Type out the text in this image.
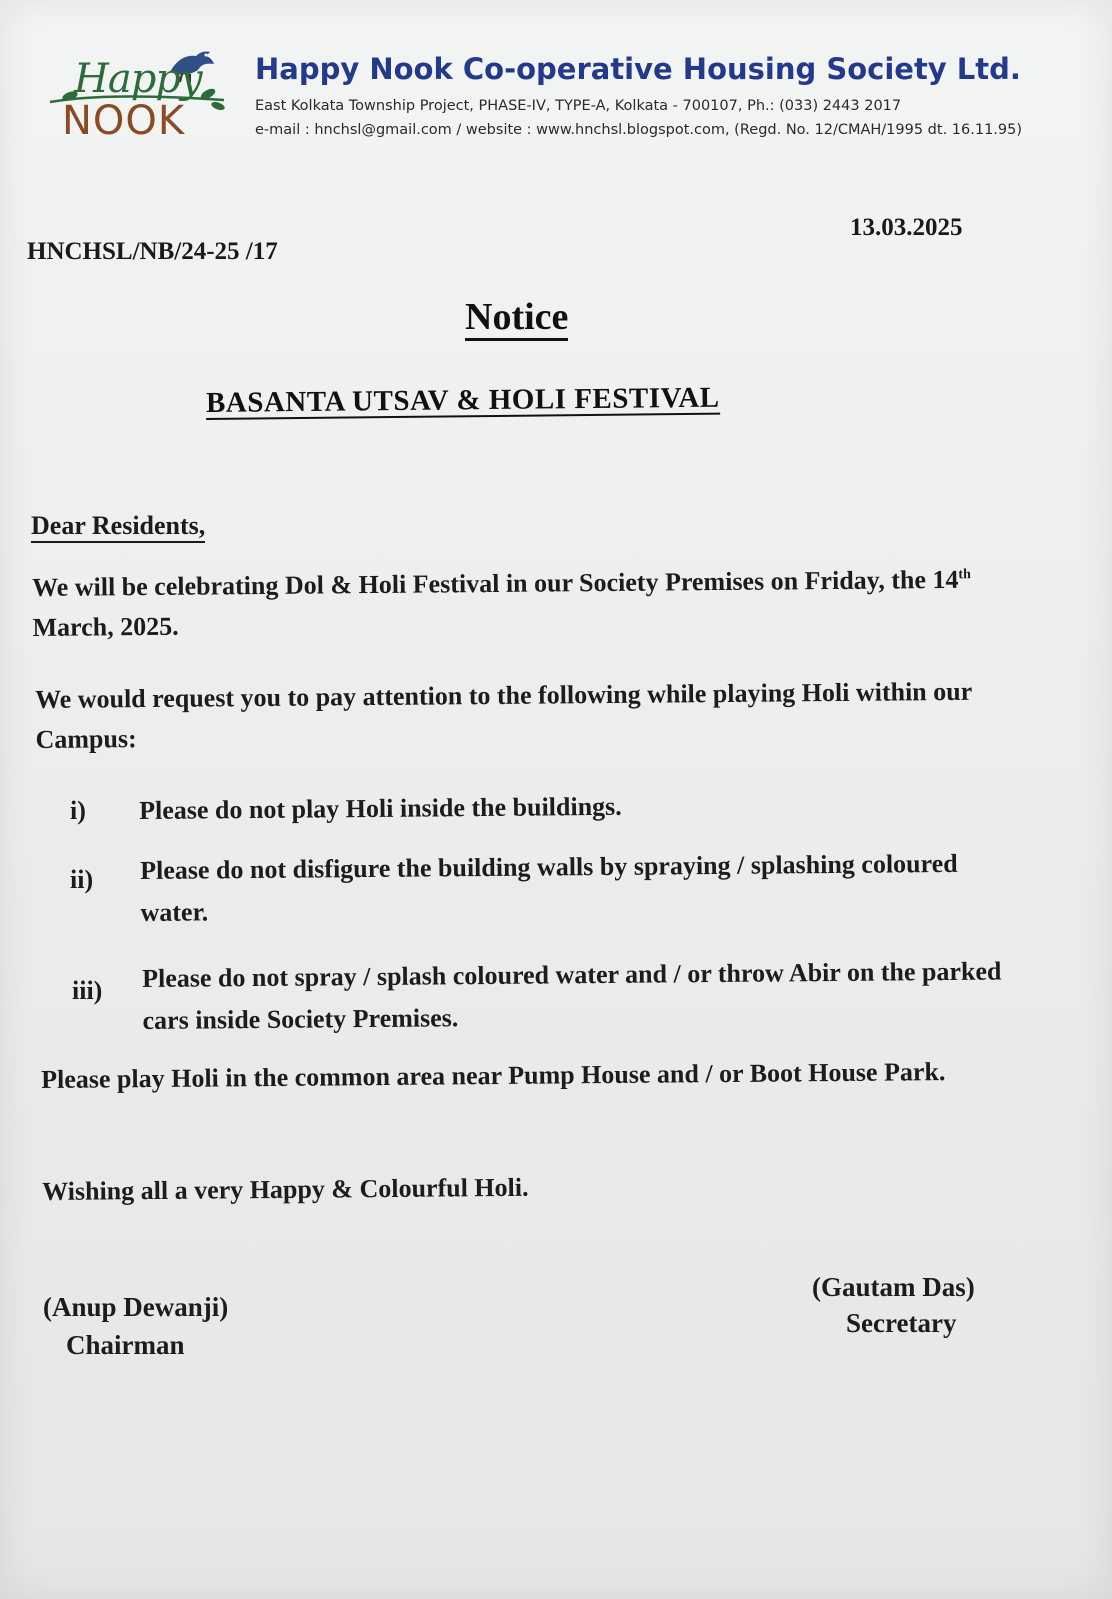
Happy
NOOK
Happy Nook Co-operative Housing Society Ltd.
East Kolkata Township Project, PHASE-IV, TYPE-A, Kolkata - 700107, Ph.: (033) 2443 2017
e-mail : hnchsl@gmail.com / website : www.hnchsl.blogspot.com, (Regd. No. 12/CMAH/1995 dt. 16.11.95)
HNCHSL/NB/24-25 /17
13.03.2025
Notice
BASANTA UTSAV & HOLI FESTIVAL
Dear Residents,
We will be celebrating Dol & Holi Festival in our Society Premises on Friday, the 14th March, 2025.
We would request you to pay attention to the following while playing Holi within our Campus:
i) Please do not play Holi inside the buildings.
ii) Please do not disfigure the building walls by spraying / splashing coloured water.
iii) Please do not spray / splash coloured water and / or throw Abir on the parked cars inside Society Premises.
Please play Holi in the common area near Pump House and / or Boot House Park.
Wishing all a very Happy & Colourful Holi.
(Anup Dewanji)
Chairman
(Gautam Das)
Secretary
